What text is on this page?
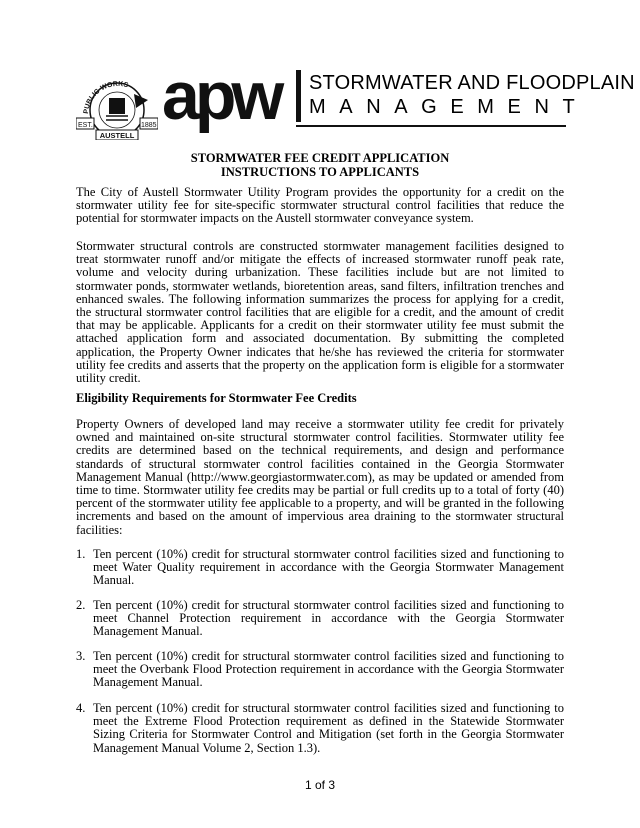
PUBLIC WORKS
EST.	1885
AUSTELL
apw STORMWATER AND FLOODPLAIN
MANAGEMENT
STORMWATER FEE CREDIT APPLICATION
INSTRUCTIONS TO APPLICANTS
The City of Austell Stormwater Utility Program provides the opportunity for a credit on the stormwater utility fee for site-specific stormwater structural control facilities that reduce the potential for stormwater impacts on the Austell stormwater conveyance system.
Stormwater structural controls are constructed stormwater management facilities designed to treat stormwater runoff and/or mitigate the effects of increased stormwater runoff peak rate, volume and velocity during urbanization. These facilities include but are not limited to stormwater ponds, stormwater wetlands, bioretention areas, sand filters, infiltration trenches and enhanced swales. The following information summarizes the process for applying for a credit, the structural stormwater control facilities that are eligible for a credit, and the amount of credit that may be applicable. Applicants for a credit on their stormwater utility fee must submit the attached application form and associated documentation. By submitting the completed application, the Property Owner indicates that he/she has reviewed the criteria for stormwater utility fee credits and asserts that the property on the application form is eligible for a stormwater utility credit.
Eligibility Requirements for Stormwater Fee Credits
Property Owners of developed land may receive a stormwater utility fee credit for privately owned and maintained on-site structural stormwater control facilities. Stormwater utility fee credits are determined based on the technical requirements, and design and performance standards of structural stormwater control facilities contained in the Georgia Stormwater Management Manual (http://www.georgiastormwater.com), as may be updated or amended from time to time. Stormwater utility fee credits may be partial or full credits up to a total of forty (40) percent of the stormwater utility fee applicable to a property, and will be granted in the following increments and based on the amount of impervious area draining to the stormwater structural facilities:
1. Ten percent (10%) credit for structural stormwater control facilities sized and functioning to meet Water Quality requirement in accordance with the Georgia Stormwater Management Manual.
2. Ten percent (10%) credit for structural stormwater control facilities sized and functioning to meet Channel Protection requirement in accordance with the Georgia Stormwater Management Manual.
3. Ten percent (10%) credit for structural stormwater control facilities sized and functioning to meet the Overbank Flood Protection requirement in accordance with the Georgia Stormwater Management Manual.
4. Ten percent (10%) credit for structural stormwater control facilities sized and functioning to meet the Extreme Flood Protection requirement as defined in the Statewide Stormwater Sizing Criteria for Stormwater Control and Mitigation (set forth in the Georgia Stormwater Management Manual Volume 2, Section 1.3).
1 of 3
